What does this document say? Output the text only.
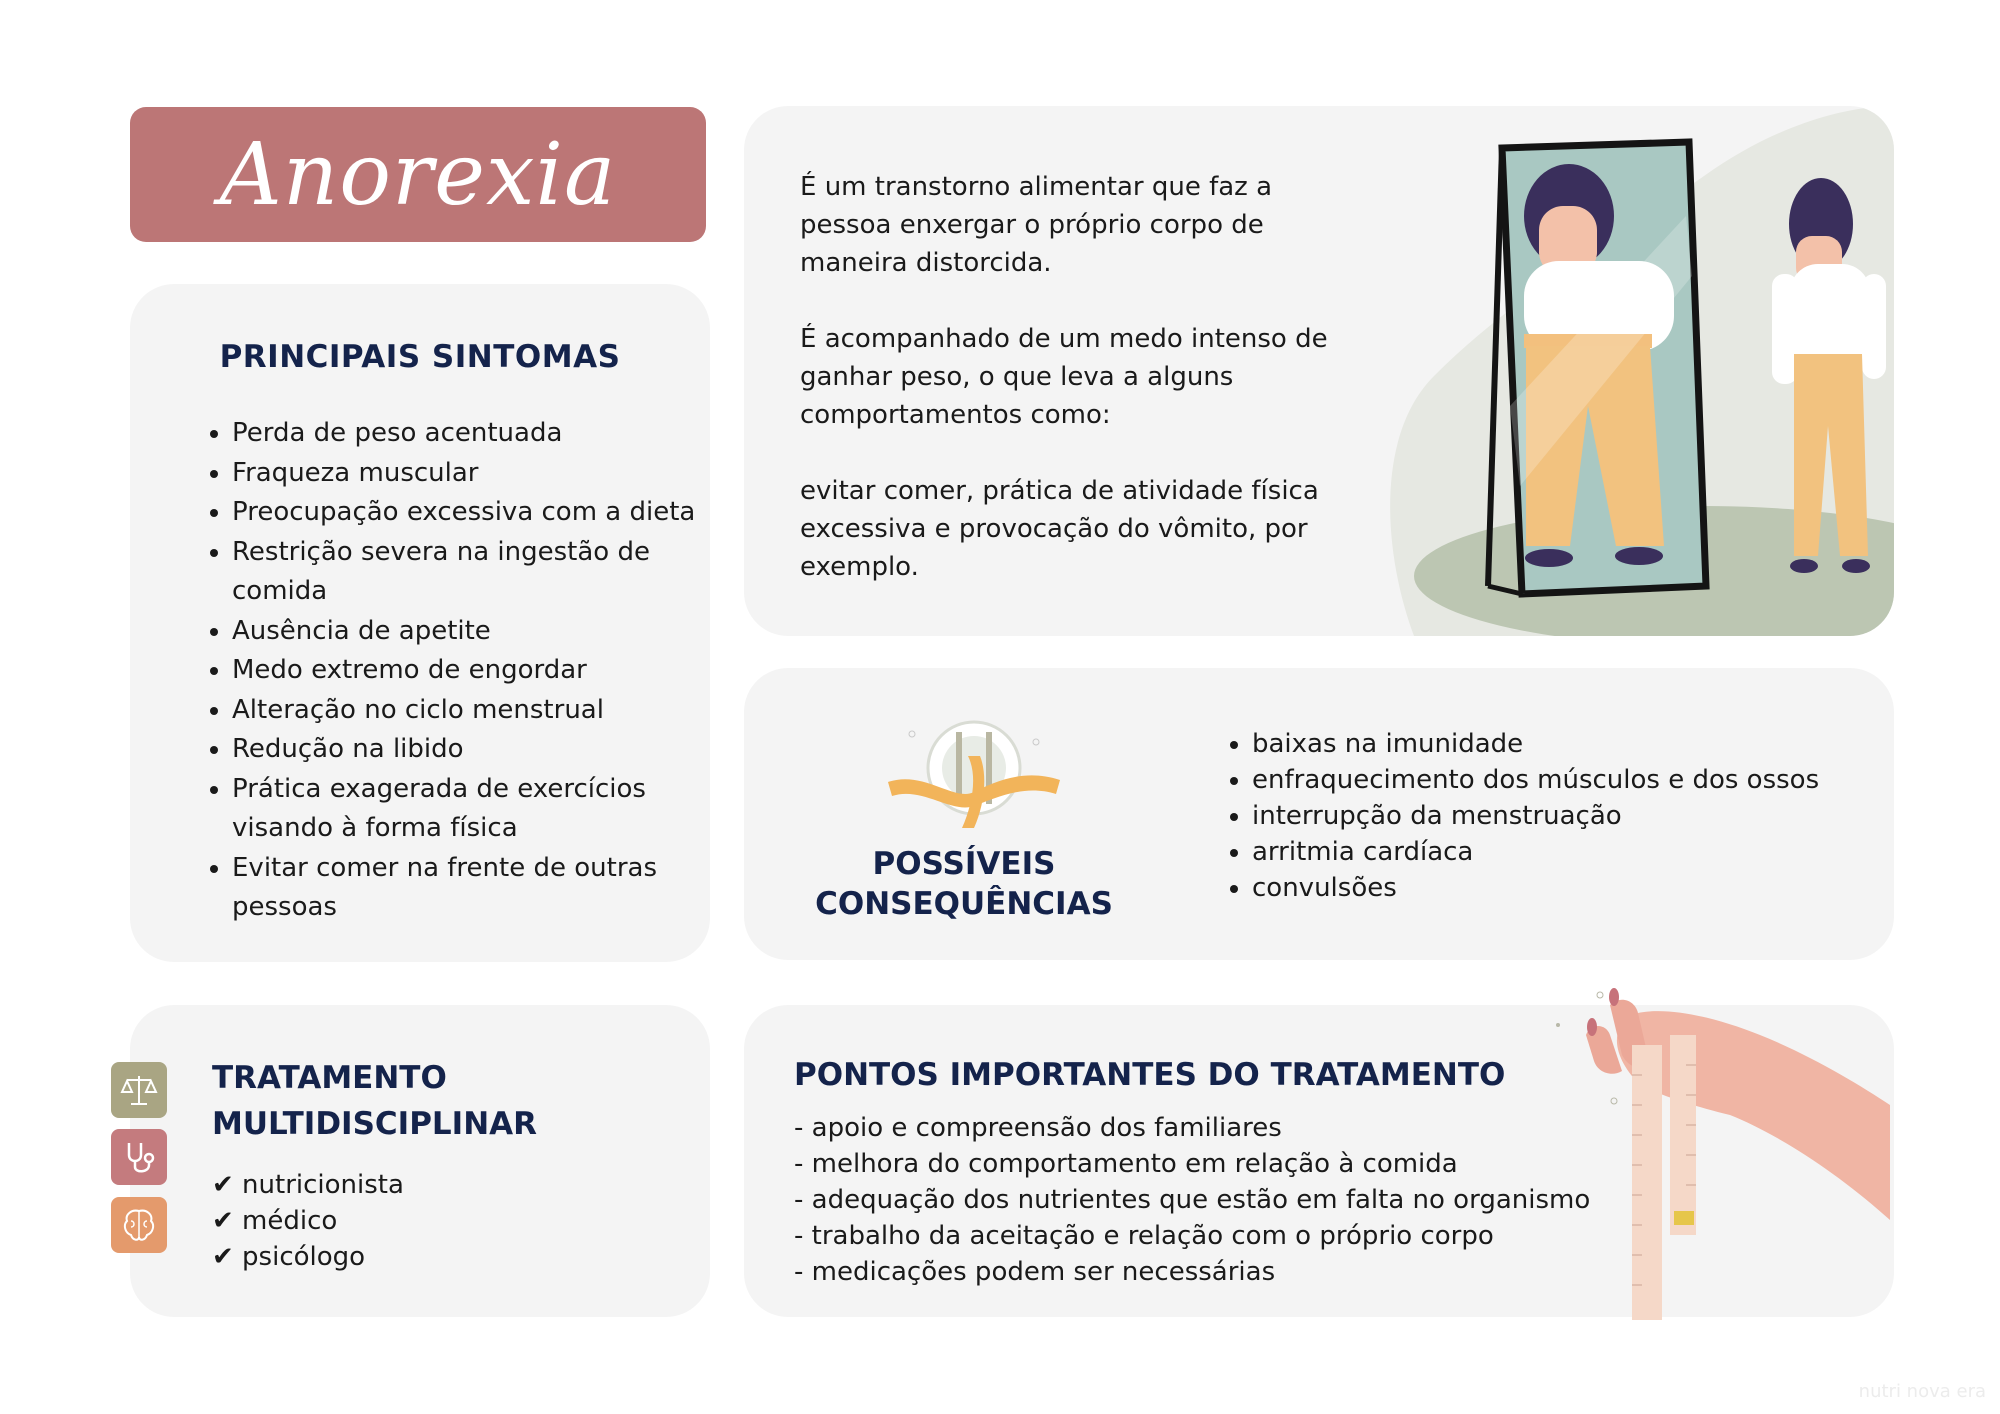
Anorexia
PRINCIPAIS SINTOMAS
• Perda de peso acentuada
• Fraqueza muscular
• Preocupação excessiva com a dieta
• Restrição severa na ingestão de comida
• Ausência de apetite
• Medo extremo de engordar
• Alteração no ciclo menstrual
• Redução na libido
• Prática exagerada de exercícios visando à forma física
• Evitar comer na frente de outras pessoas

É um transtorno alimentar que faz a pessoa enxergar o próprio corpo de maneira distorcida.

É acompanhado de um medo intenso de ganhar peso, o que leva a alguns comportamentos como:

evitar comer, prática de atividade física excessiva e provocação do vômito, por exemplo.

POSSÍVEIS
CONSEQUÊNCIAS
• baixas na imunidade
• enfraquecimento dos músculos e dos ossos
• interrupção da menstruação
• arritmia cardíaca
• convulsões
TRATAMENTO
MULTIDISCIPLINAR
✔ nutricionista
✔ médico
✔ psicólogo
PONTOS IMPORTANTES DO TRATAMENTO
- apoio e compreensão dos familiares
- melhora do comportamento em relação à comida
- adequação dos nutrientes que estão em falta no organismo
- trabalho da aceitação e relação com o próprio corpo
- medicações podem ser necessárias
nutri nova era
